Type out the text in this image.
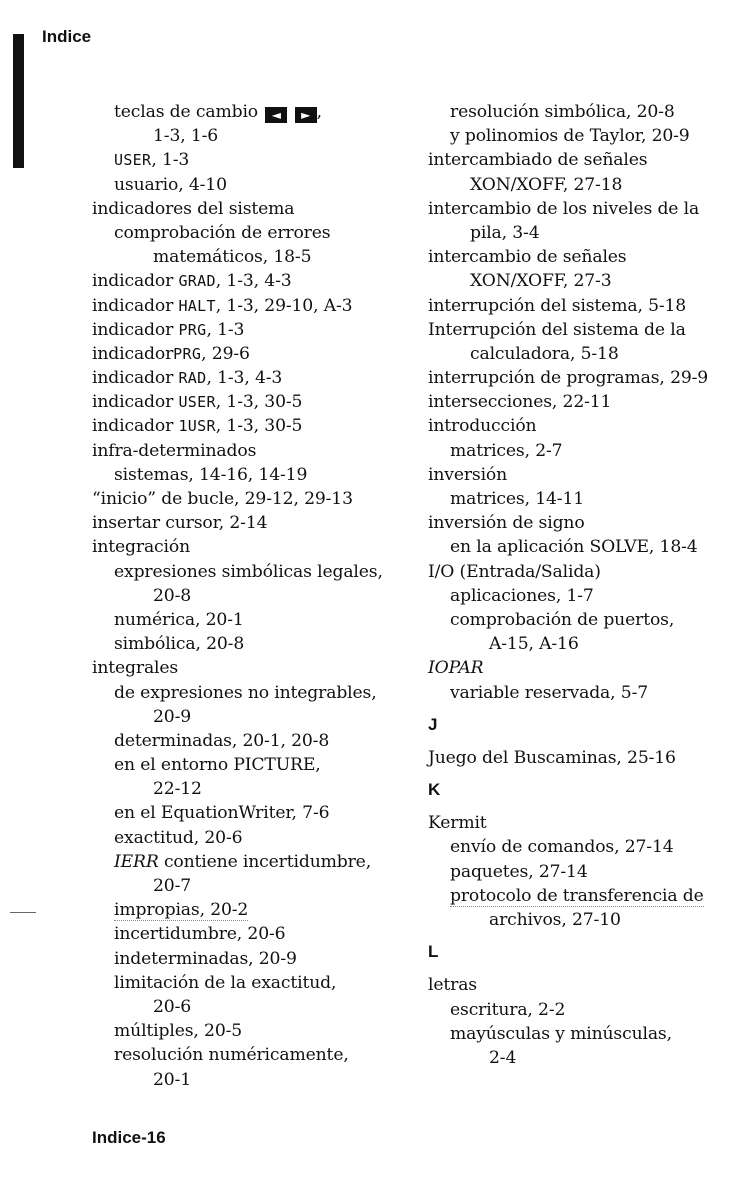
Indice
teclas de cambio ◄ ► ,
1-3, 1-6
USER, 1-3
usuario, 4-10
indicadores del sistema
comprobación de errores
matemáticos, 18-5
indicador GRAD, 1-3, 4-3
indicador HALT, 1-3, 29-10, A-3
indicador PRG, 1-3
indicadorPRG, 29-6
indicador RAD, 1-3, 4-3
indicador USER, 1-3, 30-5
indicador 1USR, 1-3, 30-5
infra-determinados
sistemas, 14-16, 14-19
“inicio” de bucle, 29-12, 29-13
insertar cursor, 2-14
integración
expresiones simbólicas legales,
20-8
numérica, 20-1
simbólica, 20-8
integrales
de expresiones no integrables,
20-9
determinadas, 20-1, 20-8
en el entorno PICTURE,
22-12
en el EquationWriter, 7-6
exactitud, 20-6
IERR contiene incertidumbre,
20-7
impropias, 20-2
incertidumbre, 20-6
indeterminadas, 20-9
limitación de la exactitud,
20-6
múltiples, 20-5
resolución numéricamente,
20-1
resolución simbólica, 20-8
y polinomios de Taylor, 20-9
intercambiado de señales
XON/XOFF, 27-18
intercambio de los niveles de la
pila, 3-4
intercambio de señales
XON/XOFF, 27-3
interrupción del sistema, 5-18
Interrupción del sistema de la
calculadora, 5-18
interrupción de programas, 29-9
intersecciones, 22-11
introducción
matrices, 2-7
inversión
matrices, 14-11
inversión de signo
en la aplicación SOLVE, 18-4
I/O (Entrada/Salida)
aplicaciones, 1-7
comprobación de puertos,
A-15, A-16
IOPAR
variable reservada, 5-7
J
Juego del Buscaminas, 25-16
K
Kermit
envío de comandos, 27-14
paquetes, 27-14
protocolo de transferencia de
archivos, 27-10
L
letras
escritura, 2-2
mayúsculas y minúsculas,
2-4
Indice-16
